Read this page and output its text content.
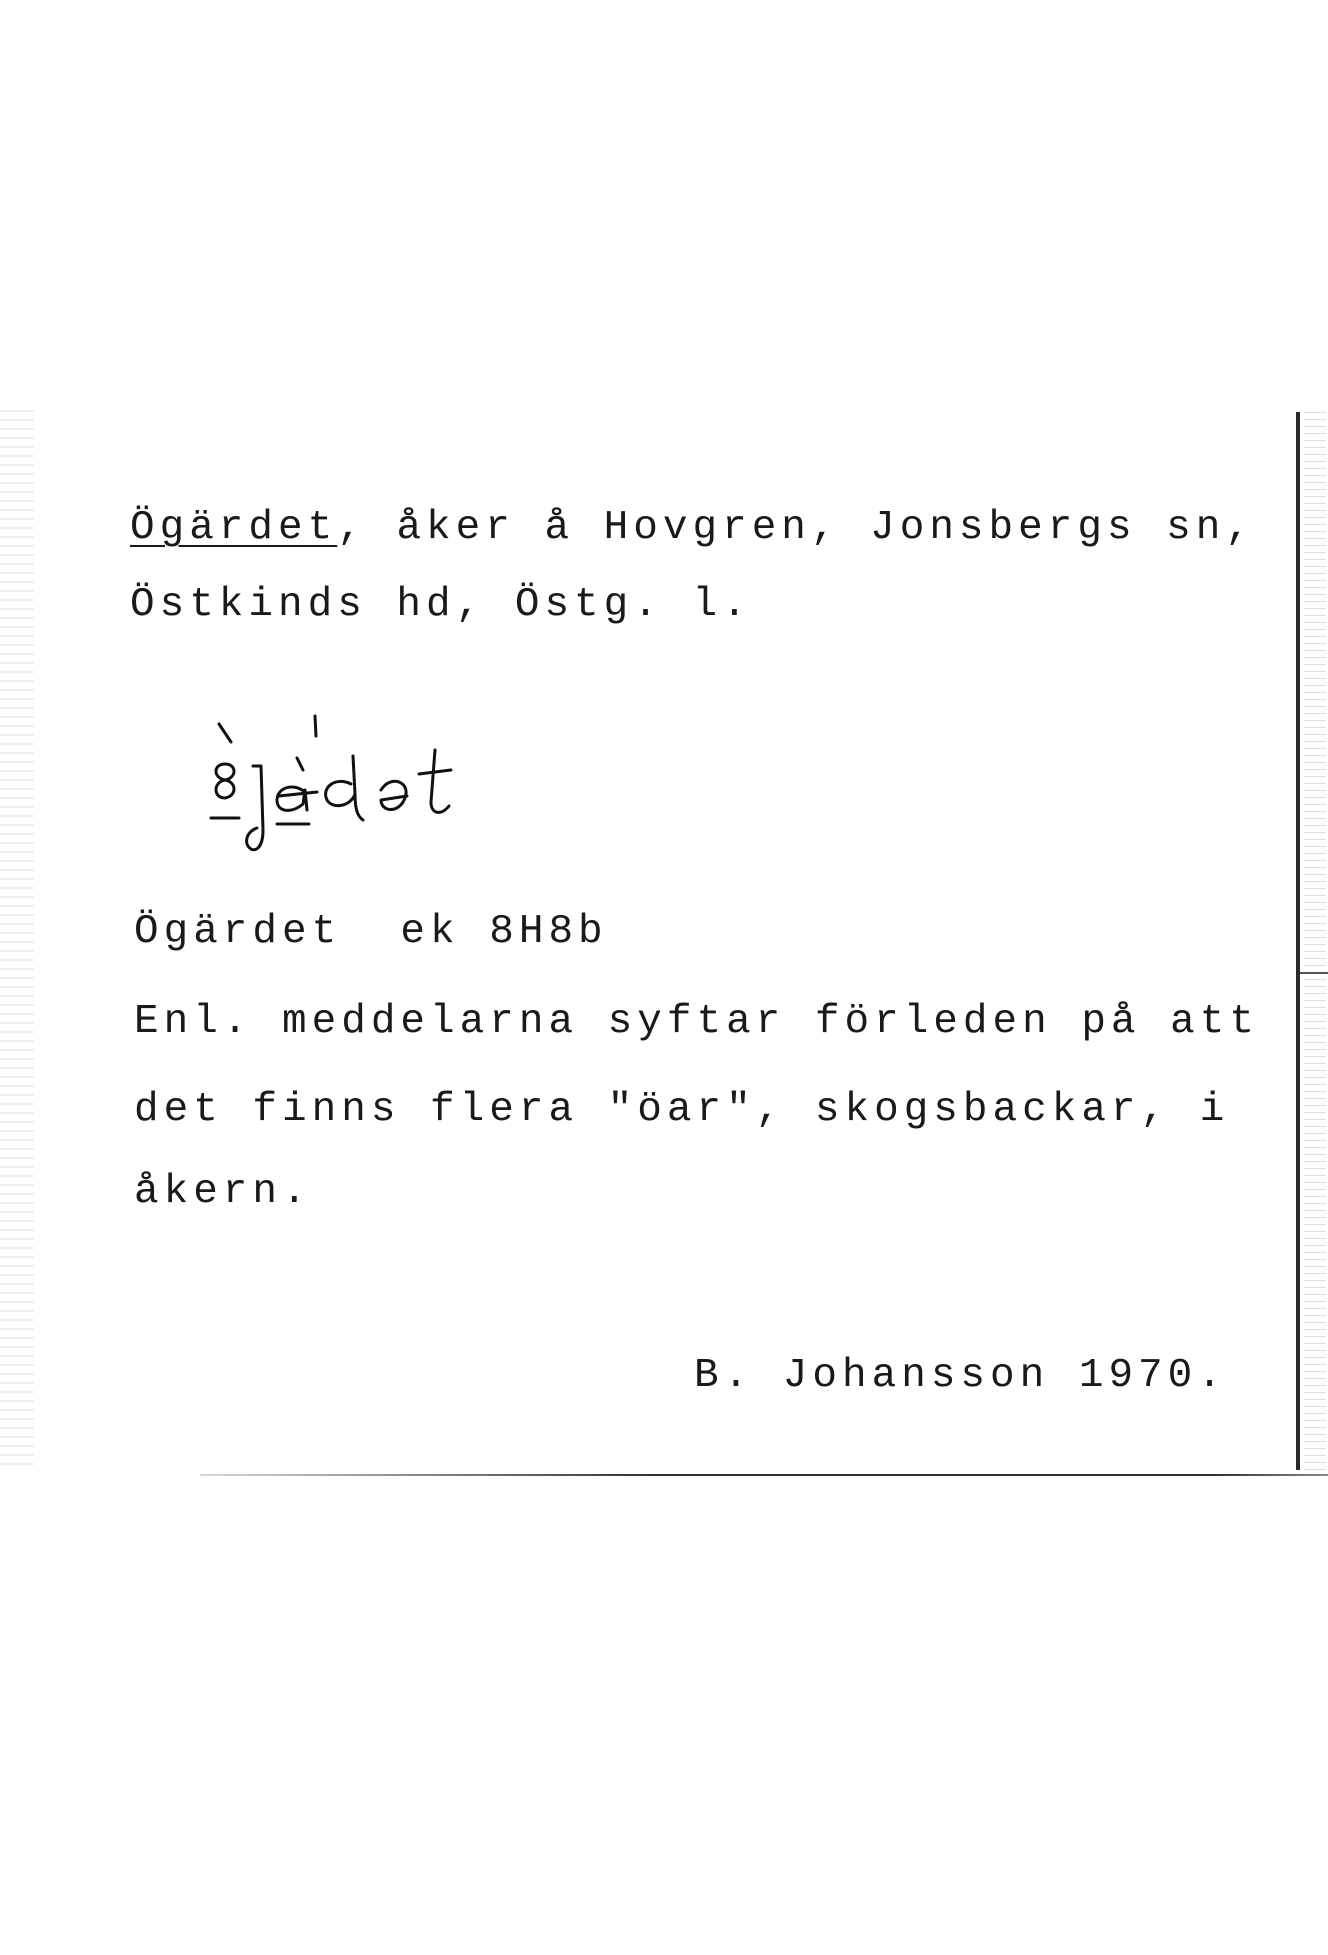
Ögärdet, åker å Hovgren, Jonsbergs sn,
Östkinds hd, Östg. l.
Ögärdet  ek 8H8b
Enl. meddelarna syftar förleden på att
det finns flera "öar", skogsbackar, i
åkern.
B. Johansson 1970.
